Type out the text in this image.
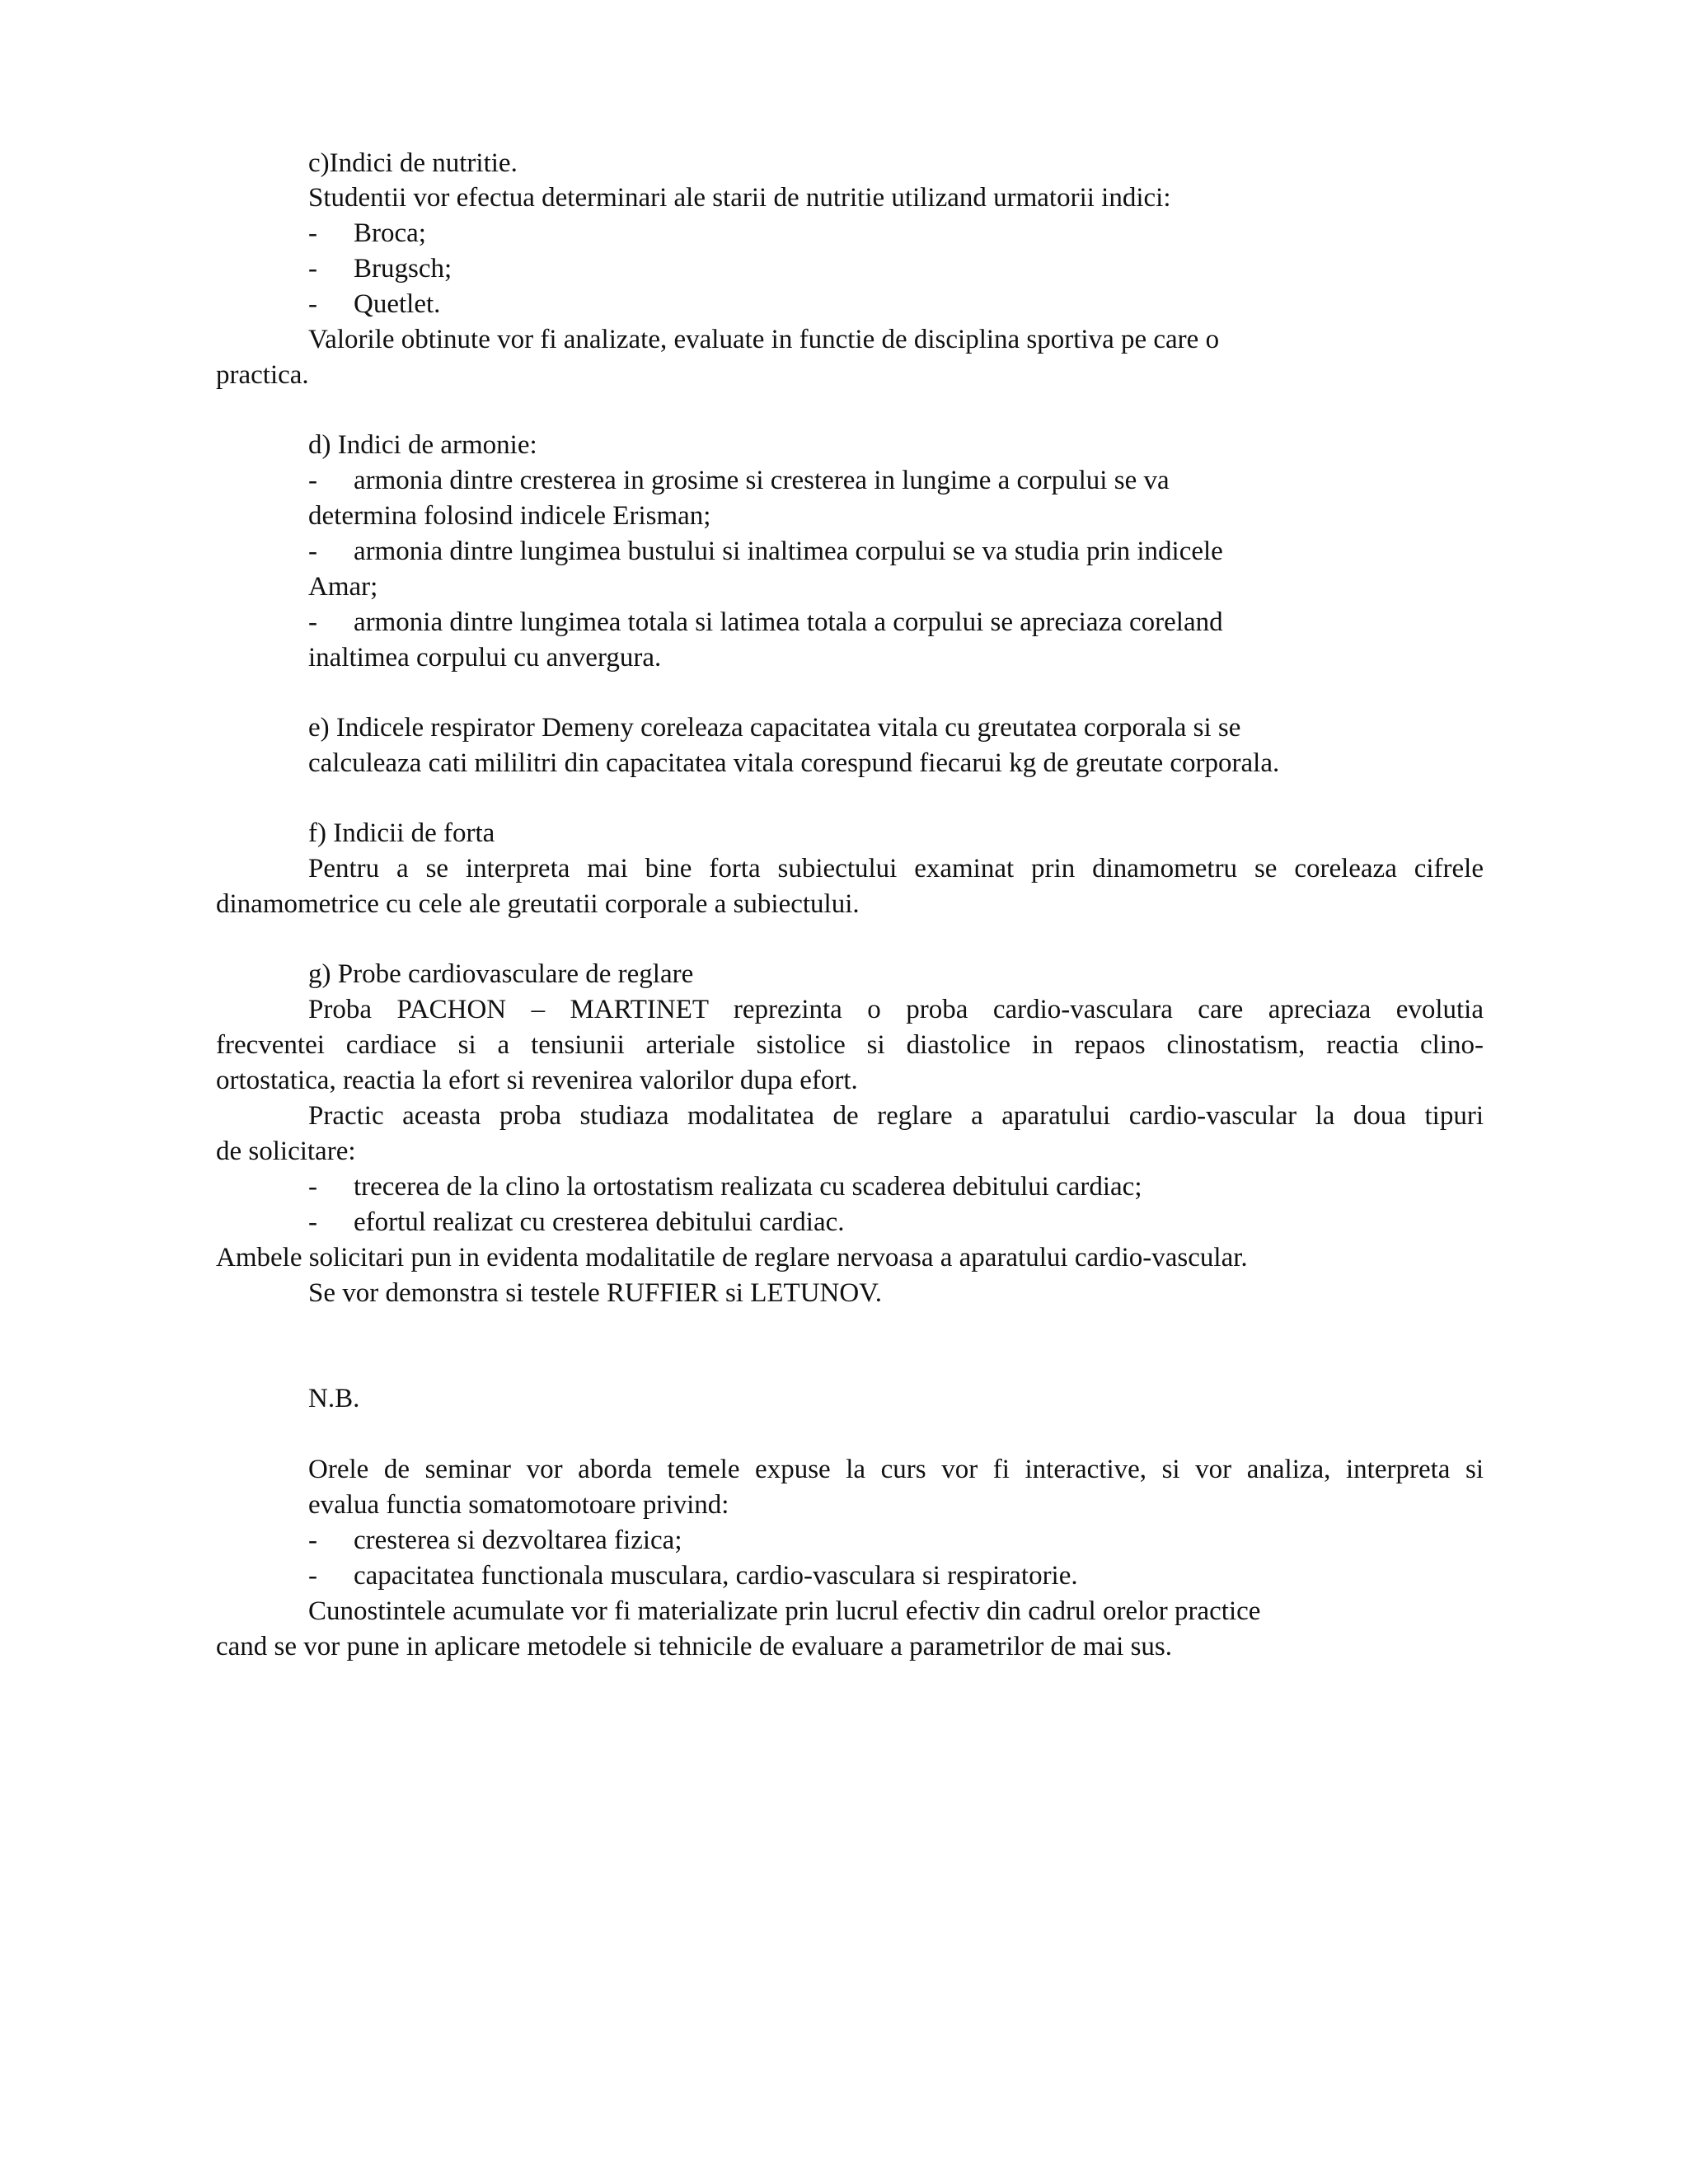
c)Indici de nutritie.
Studentii vor efectua determinari ale starii de nutritie utilizand urmatorii indici:
- Broca;
- Brugsch;
- Quetlet.
Valorile obtinute vor fi analizate, evaluate in functie de disciplina sportiva pe care o
practica.
d) Indici de armonie:
- armonia dintre cresterea in grosime si cresterea in lungime a corpului se va
determina folosind indicele Erisman;
- armonia dintre lungimea bustului si inaltimea corpului se va studia prin indicele
Amar;
- armonia dintre lungimea totala si latimea totala a corpului se apreciaza coreland
inaltimea corpului cu anvergura.
e) Indicele respirator Demeny coreleaza capacitatea vitala cu greutatea corporala si se
calculeaza cati mililitri din capacitatea vitala corespund fiecarui kg de greutate corporala.
f) Indicii de forta
Pentru a se interpreta mai bine forta subiectului examinat prin dinamometru se coreleaza cifrele
dinamometrice cu cele ale greutatii corporale a subiectului.
g) Probe cardiovasculare de reglare
Proba PACHON – MARTINET reprezinta o proba cardio-vasculara care apreciaza evolutia
frecventei cardiace si a tensiunii arteriale sistolice si diastolice in repaos clinostatism, reactia clino-
ortostatica, reactia la efort si revenirea valorilor dupa efort.
Practic aceasta proba studiaza modalitatea de reglare a aparatului cardio-vascular la doua tipuri
de solicitare:
- trecerea de la clino la ortostatism realizata cu scaderea debitului cardiac;
- efortul realizat cu cresterea debitului cardiac.
Ambele solicitari pun in evidenta modalitatile de reglare nervoasa a aparatului cardio-vascular.
Se vor demonstra si testele RUFFIER si LETUNOV.
N.B.
Orele de seminar vor aborda temele expuse la curs vor fi interactive, si vor analiza, interpreta si
evalua functia somatomotoare privind:
- cresterea si dezvoltarea fizica;
- capacitatea functionala musculara, cardio-vasculara si respiratorie.
Cunostintele acumulate vor fi materializate prin lucrul efectiv din cadrul orelor practice
cand se vor pune in aplicare metodele si tehnicile de evaluare a parametrilor de mai sus.
